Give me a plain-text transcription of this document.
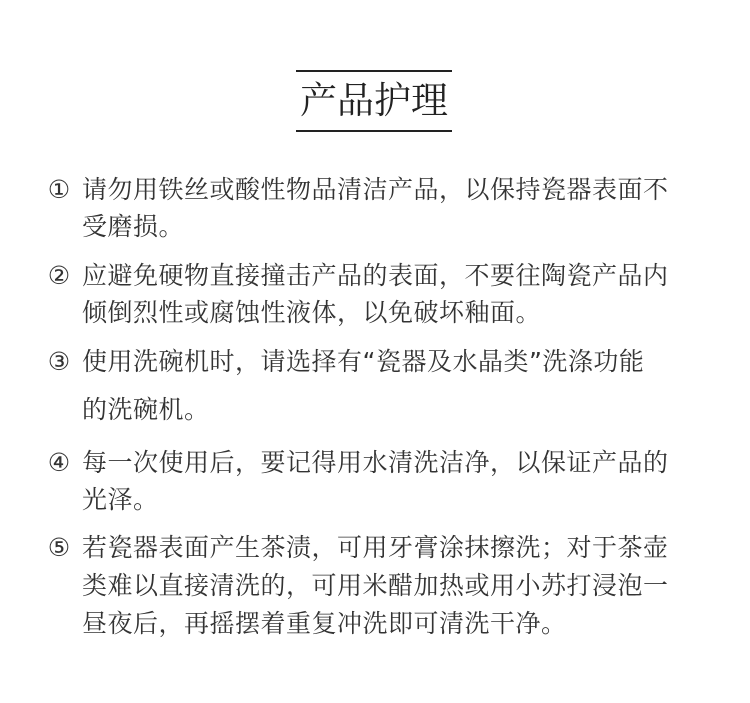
产品护理
① 请勿用铁丝或酸性物品清洁产品，以保持瓷器表面不
受磨损。
② 应避免硬物直接撞击产品的表面，不要往陶瓷产品内
倾倒烈性或腐蚀性液体，以免破坏釉面。
③ 使用洗碗机时，请选择有“瓷器及水晶类”洗涤功能
的洗碗机。
④ 每一次使用后，要记得用水清洗洁净，以保证产品的
光泽。
⑤ 若瓷器表面产生茶渍，可用牙膏涂抹擦洗；对于茶壶
类难以直接清洗的，可用米醋加热或用小苏打浸泡一
昼夜后，再摇摆着重复冲洗即可清洗干净。
